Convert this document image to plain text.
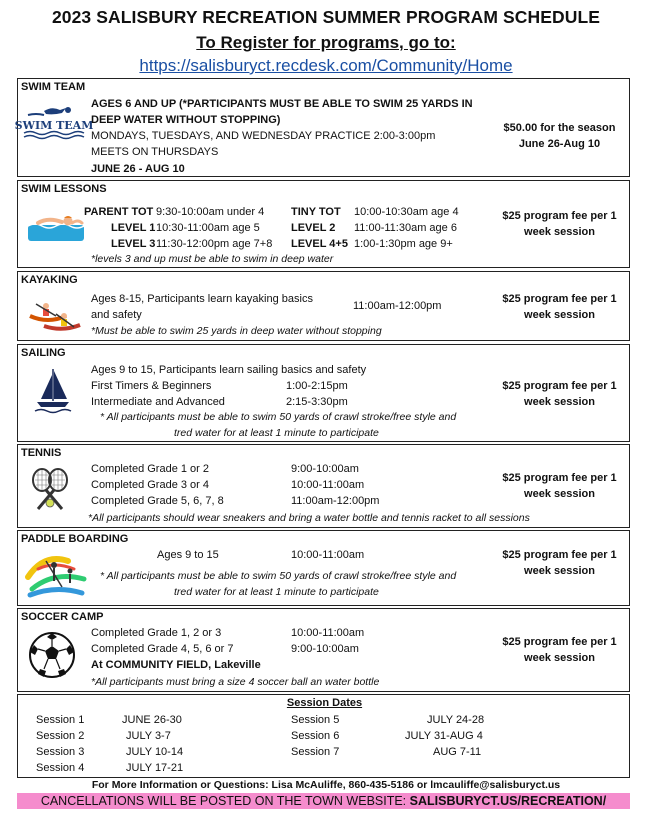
2023 SALISBURY RECREATION SUMMER PROGRAM SCHEDULE
To Register for programs, go to:
https://salisburyct.recdesk.com/Community/Home
SWIM TEAM
SWIM TEAM
AGES 6 AND UP (*PARTICIPANTS MUST BE ABLE TO SWIM 25 YARDS IN
DEEP WATER WITHOUT STOPPING)
MONDAYS, TUESDAYS, AND WEDNESDAY PRACTICE 2:00-3:00pm
MEETS ON THURSDAYS
JUNE 26 - AUG 10
$50.00 for the season
June 26-Aug 10
SWIM LESSONS
PARENT TOT 9:30-10:00am under 4 TINY TOT 10:00-10:30am age 4
LEVEL 1 10:30-11:00am age 5	LEVEL 2 11:00-11:30am age 6
LEVEL 3 11:30-12:00pm age 7+8 LEVEL 4+5 1:00-1:30pm age 9+
*levels 3 and up must be able to swim in deep water
$25 program fee per 1
week session
KAYAKING
Ages 8-15, Participants learn kayaking basics
and safety
11:00am-12:00pm
*Must be able to swim 25 yards in deep water without stopping
$25 program fee per 1
week session
SAILING
Ages 9 to 15, Participants learn sailing basics and safety
First Timers & Beginners	1:00-2:15pm
Intermediate and Advanced	2:15-3:30pm
* All participants must be able to swim 50 yards of crawl stroke/free style and
tred water for at least 1 minute to participate
$25 program fee per 1
week session
TENNIS
Completed Grade 1 or 2	9:00-10:00am
Completed Grade 3 or 4	10:00-11:00am
Completed Grade 5, 6, 7, 8	11:00am-12:00pm
*All participants should wear sneakers and bring a water bottle and tennis racket to all sessions
$25 program fee per 1
week session
PADDLE BOARDING
Ages 9 to 15	10:00-11:00am
* All participants must be able to swim 50 yards of crawl stroke/free style and
tred water for at least 1 minute to participate
$25 program fee per 1
week session
SOCCER CAMP
Completed Grade 1, 2 or 3	10:00-11:00am
Completed Grade 4, 5, 6 or 7	9:00-10:00am
At COMMUNITY FIELD, Lakeville
*All participants must bring a size 4 soccer ball an water bottle
$25 program fee per 1
week session
Session Dates
Session 1	JUNE 26-30
Session 2	JULY 3-7
Session 3	JULY 10-14
Session 4	JULY 17-21
Session 5	JULY 24-28
Session 6	JULY 31-AUG 4
Session 7	AUG 7-11
For More Information or Questions: Lisa McAuliffe, 860-435-5186 or lmcauliffe@salisburyct.us
CANCELLATIONS WILL BE POSTED ON THE TOWN WEBSITE: SALISBURYCT.US/RECREATION/
